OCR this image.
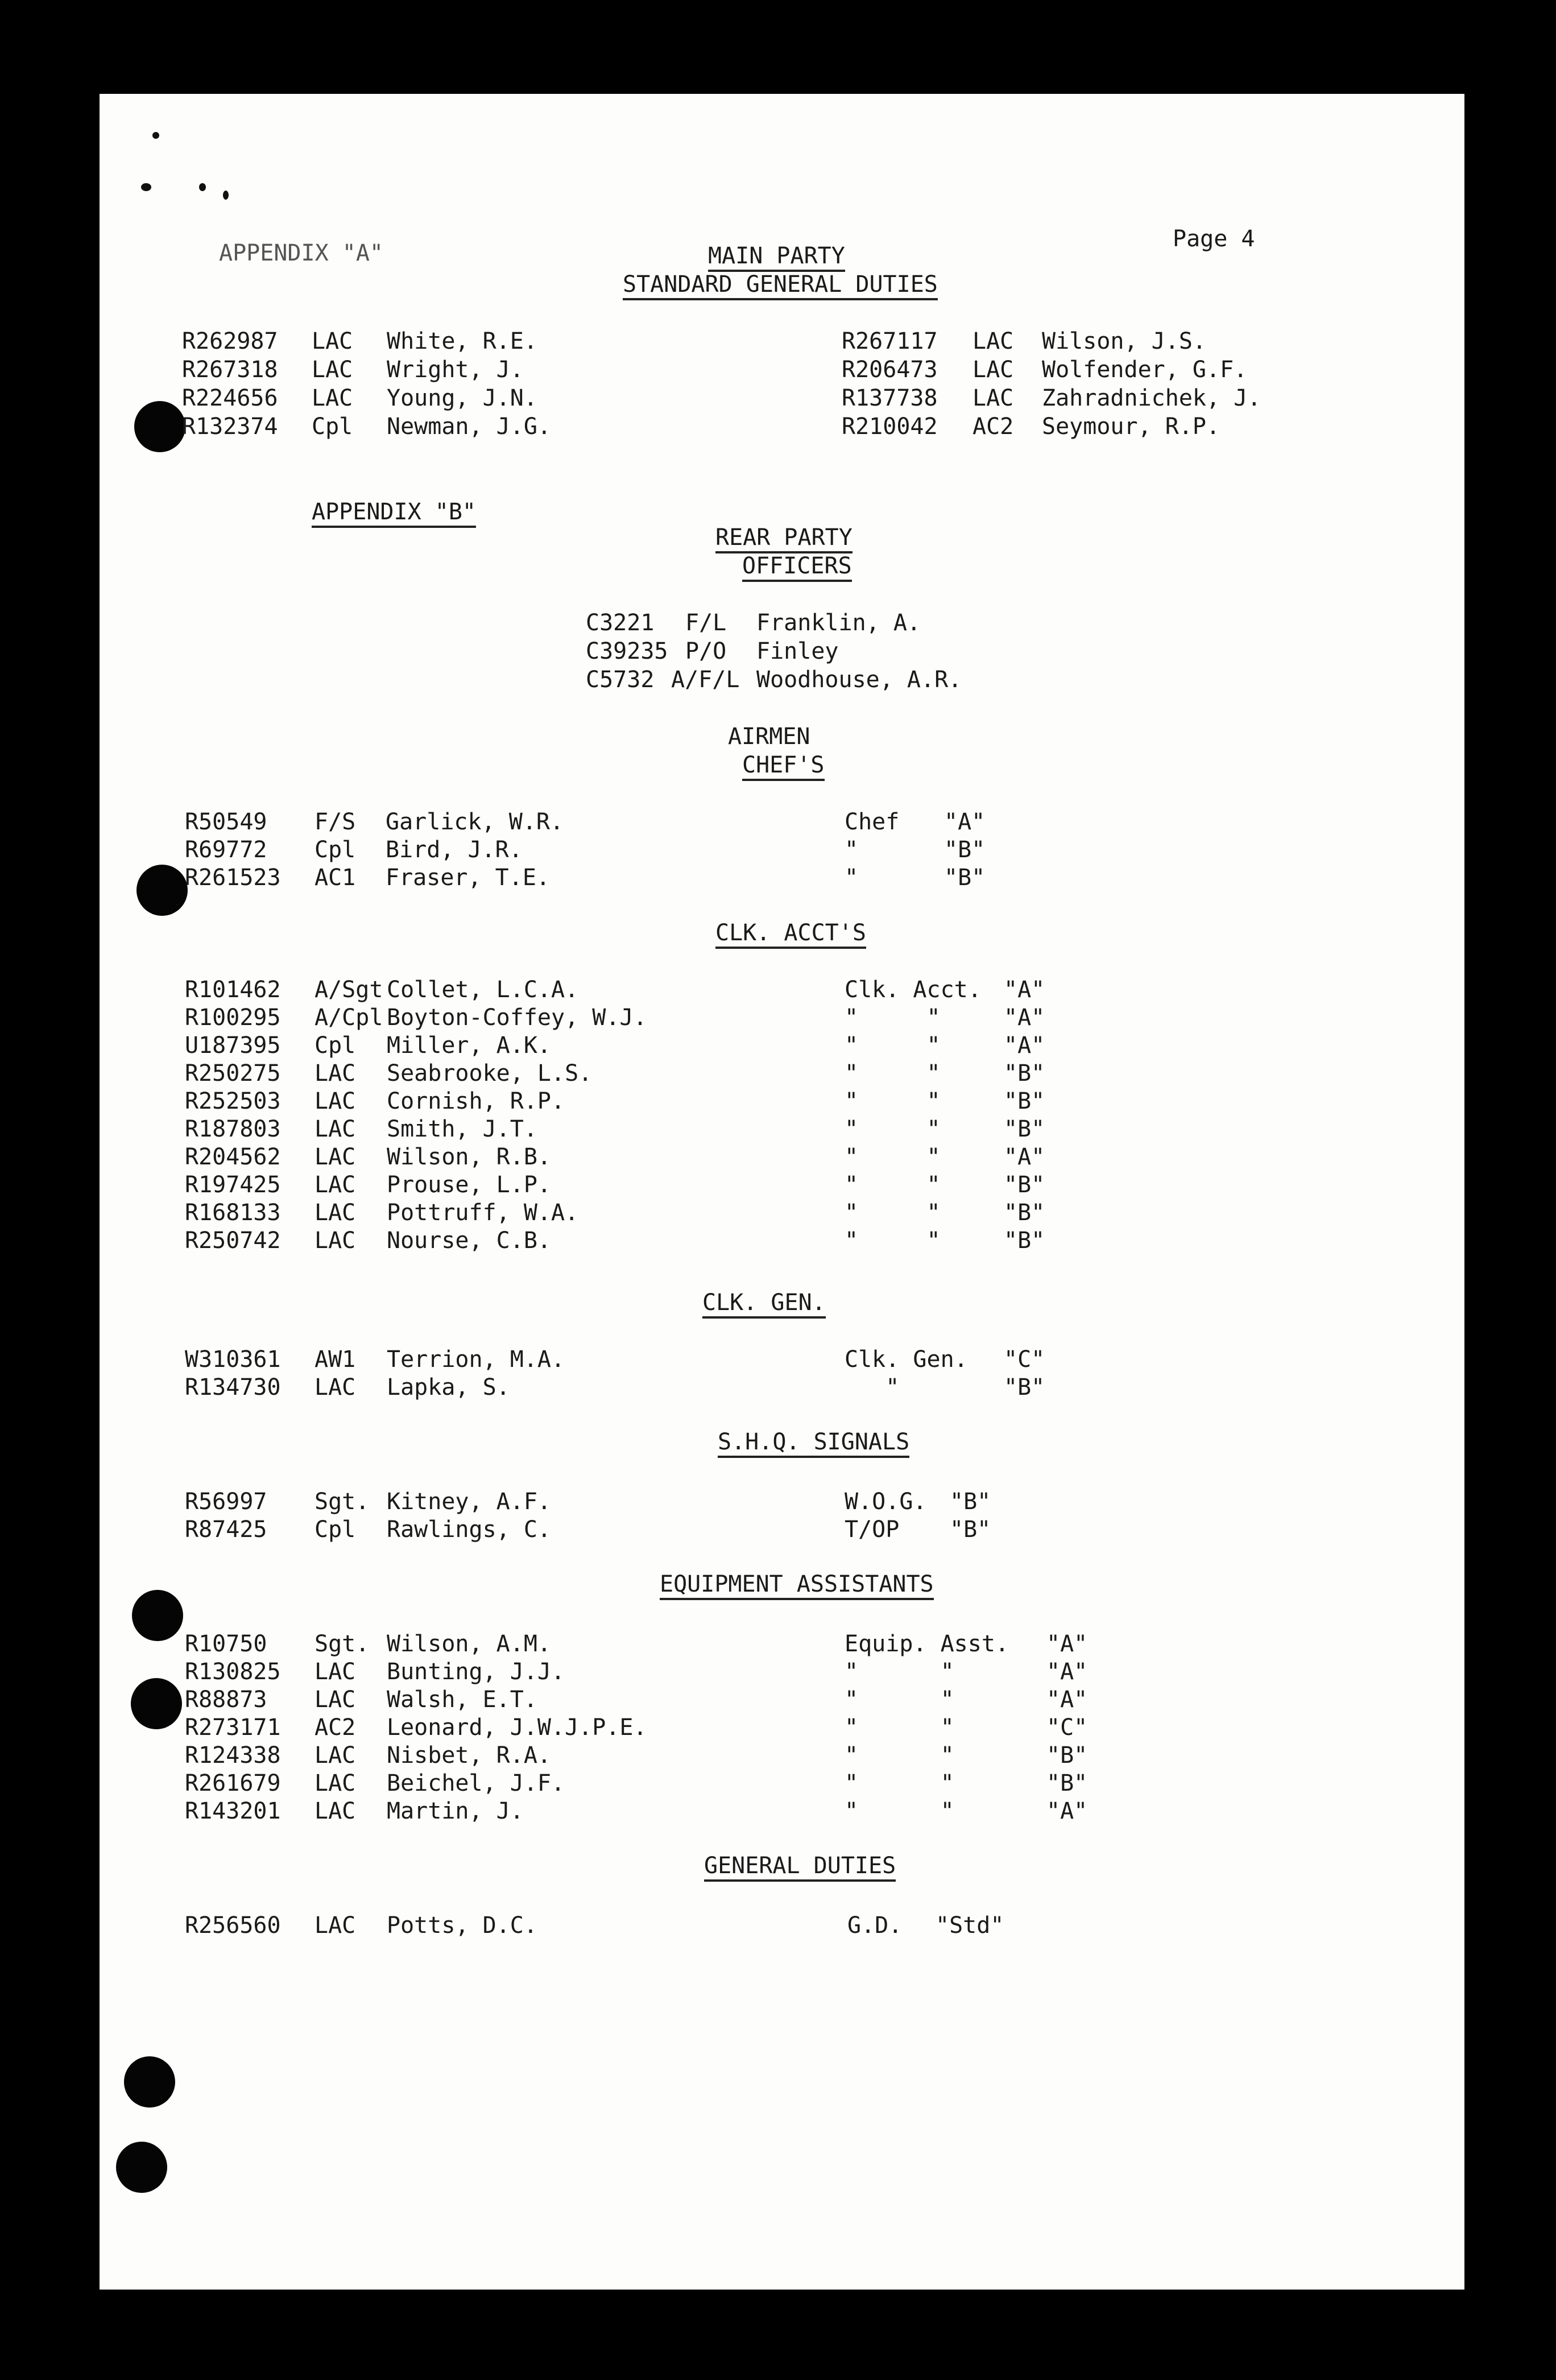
APPENDIX "A"
Page 4
MAIN PARTY
STANDARD GENERAL DUTIES
R262987 LAC White, R.E.
R267318 LAC Wright, J.
R224656 LAC Young, J.N.
R132374 Cpl Newman, J.G.
R267117 LAC Wilson, J.S.
R206473 LAC Wolfender, G.F.
R137738 LAC Zahradnichek, J.
R210042 AC2 Seymour, R.P.
APPENDIX "B"
REAR PARTY
OFFICERS
C3221 F/L Franklin, A.
C39235 P/O Finley
C5732 A/F/L Woodhouse, A.R.
AIRMEN
CHEF'S
R50549 F/S Garlick, W.R.	Chef "A"
R69772 Cpl Bird, J.R.	"	"B"
R261523 AC1 Fraser, T.E.	"	"B"
CLK. ACCT'S
R101462 A/Sgt Collet, L.C.A.	Clk. Acct. "A"
R100295 A/Cpl Boyton-Coffey, W.J.	"     "	"A"
U187395 Cpl Miller, A.K.	"     "	"A"
R250275 LAC Seabrooke, L.S.	"     "	"B"
R252503 LAC Cornish, R.P.	"     "	"B"
R187803 LAC Smith, J.T.	"     "	"B"
R204562 LAC Wilson, R.B.	"     "	"A"
R197425 LAC Prouse, L.P.	"     "	"B"
R168133 LAC Pottruff, W.A.	"     "	"B"
R250742 LAC Nourse, C.B.	"     "	"B"
CLK. GEN.
W310361 AW1 Terrion, M.A.	Clk. Gen. "C"
R134730 LAC Lapka, S.	"	"B"
S.H.Q. SIGNALS
R56997 Sgt. Kitney, A.F.	W.O.G. "B"
R87425 Cpl Rawlings, C.	T/OP "B"
EQUIPMENT ASSISTANTS
R10750 Sgt. Wilson, A.M.	Equip. Asst. "A"
R130825 LAC Bunting, J.J.	"      "	"A"
R88873 LAC Walsh, E.T.	"      "	"A"
R273171 AC2 Leonard, J.W.J.P.E.	"      "	"C"
R124338 LAC Nisbet, R.A.	"      "	"B"
R261679 LAC Beichel, J.F.	"      "	"B"
R143201 LAC Martin, J.	"      "	"A"
GENERAL DUTIES
R256560 LAC Potts, D.C.	G.D. "Std"
